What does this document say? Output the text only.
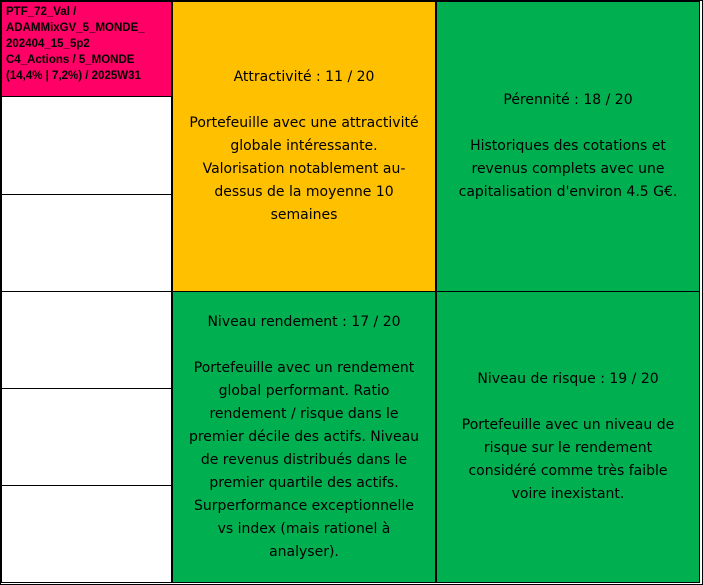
PTF_72_Val /
ADAMMixGV_5_MONDE_
202404_15_5p2
C4_Actions / 5_MONDE
(14,4% | 7,2%) / 2025W31	Attractivité : 11 / 20
Portefeuille avec une attractivité
globale intéressante.
Valorisation notablement au-
dessus de la moyenne 10
semaines
Pérennité : 18 / 20
Historiques des cotations et
revenus complets avec une
capitalisation d'environ 4.5 G€.
Niveau rendement : 17 / 20
Portefeuille avec un rendement
global performant. Ratio
rendement / risque dans le
premier décile des actifs. Niveau
de revenus distribués dans le
premier quartile des actifs.
Surperformance exceptionnelle
vs index (mais rationel à
analyser).
Niveau de risque : 19 / 20
Portefeuille avec un niveau de
risque sur le rendement
considéré comme très faible
voire inexistant.
